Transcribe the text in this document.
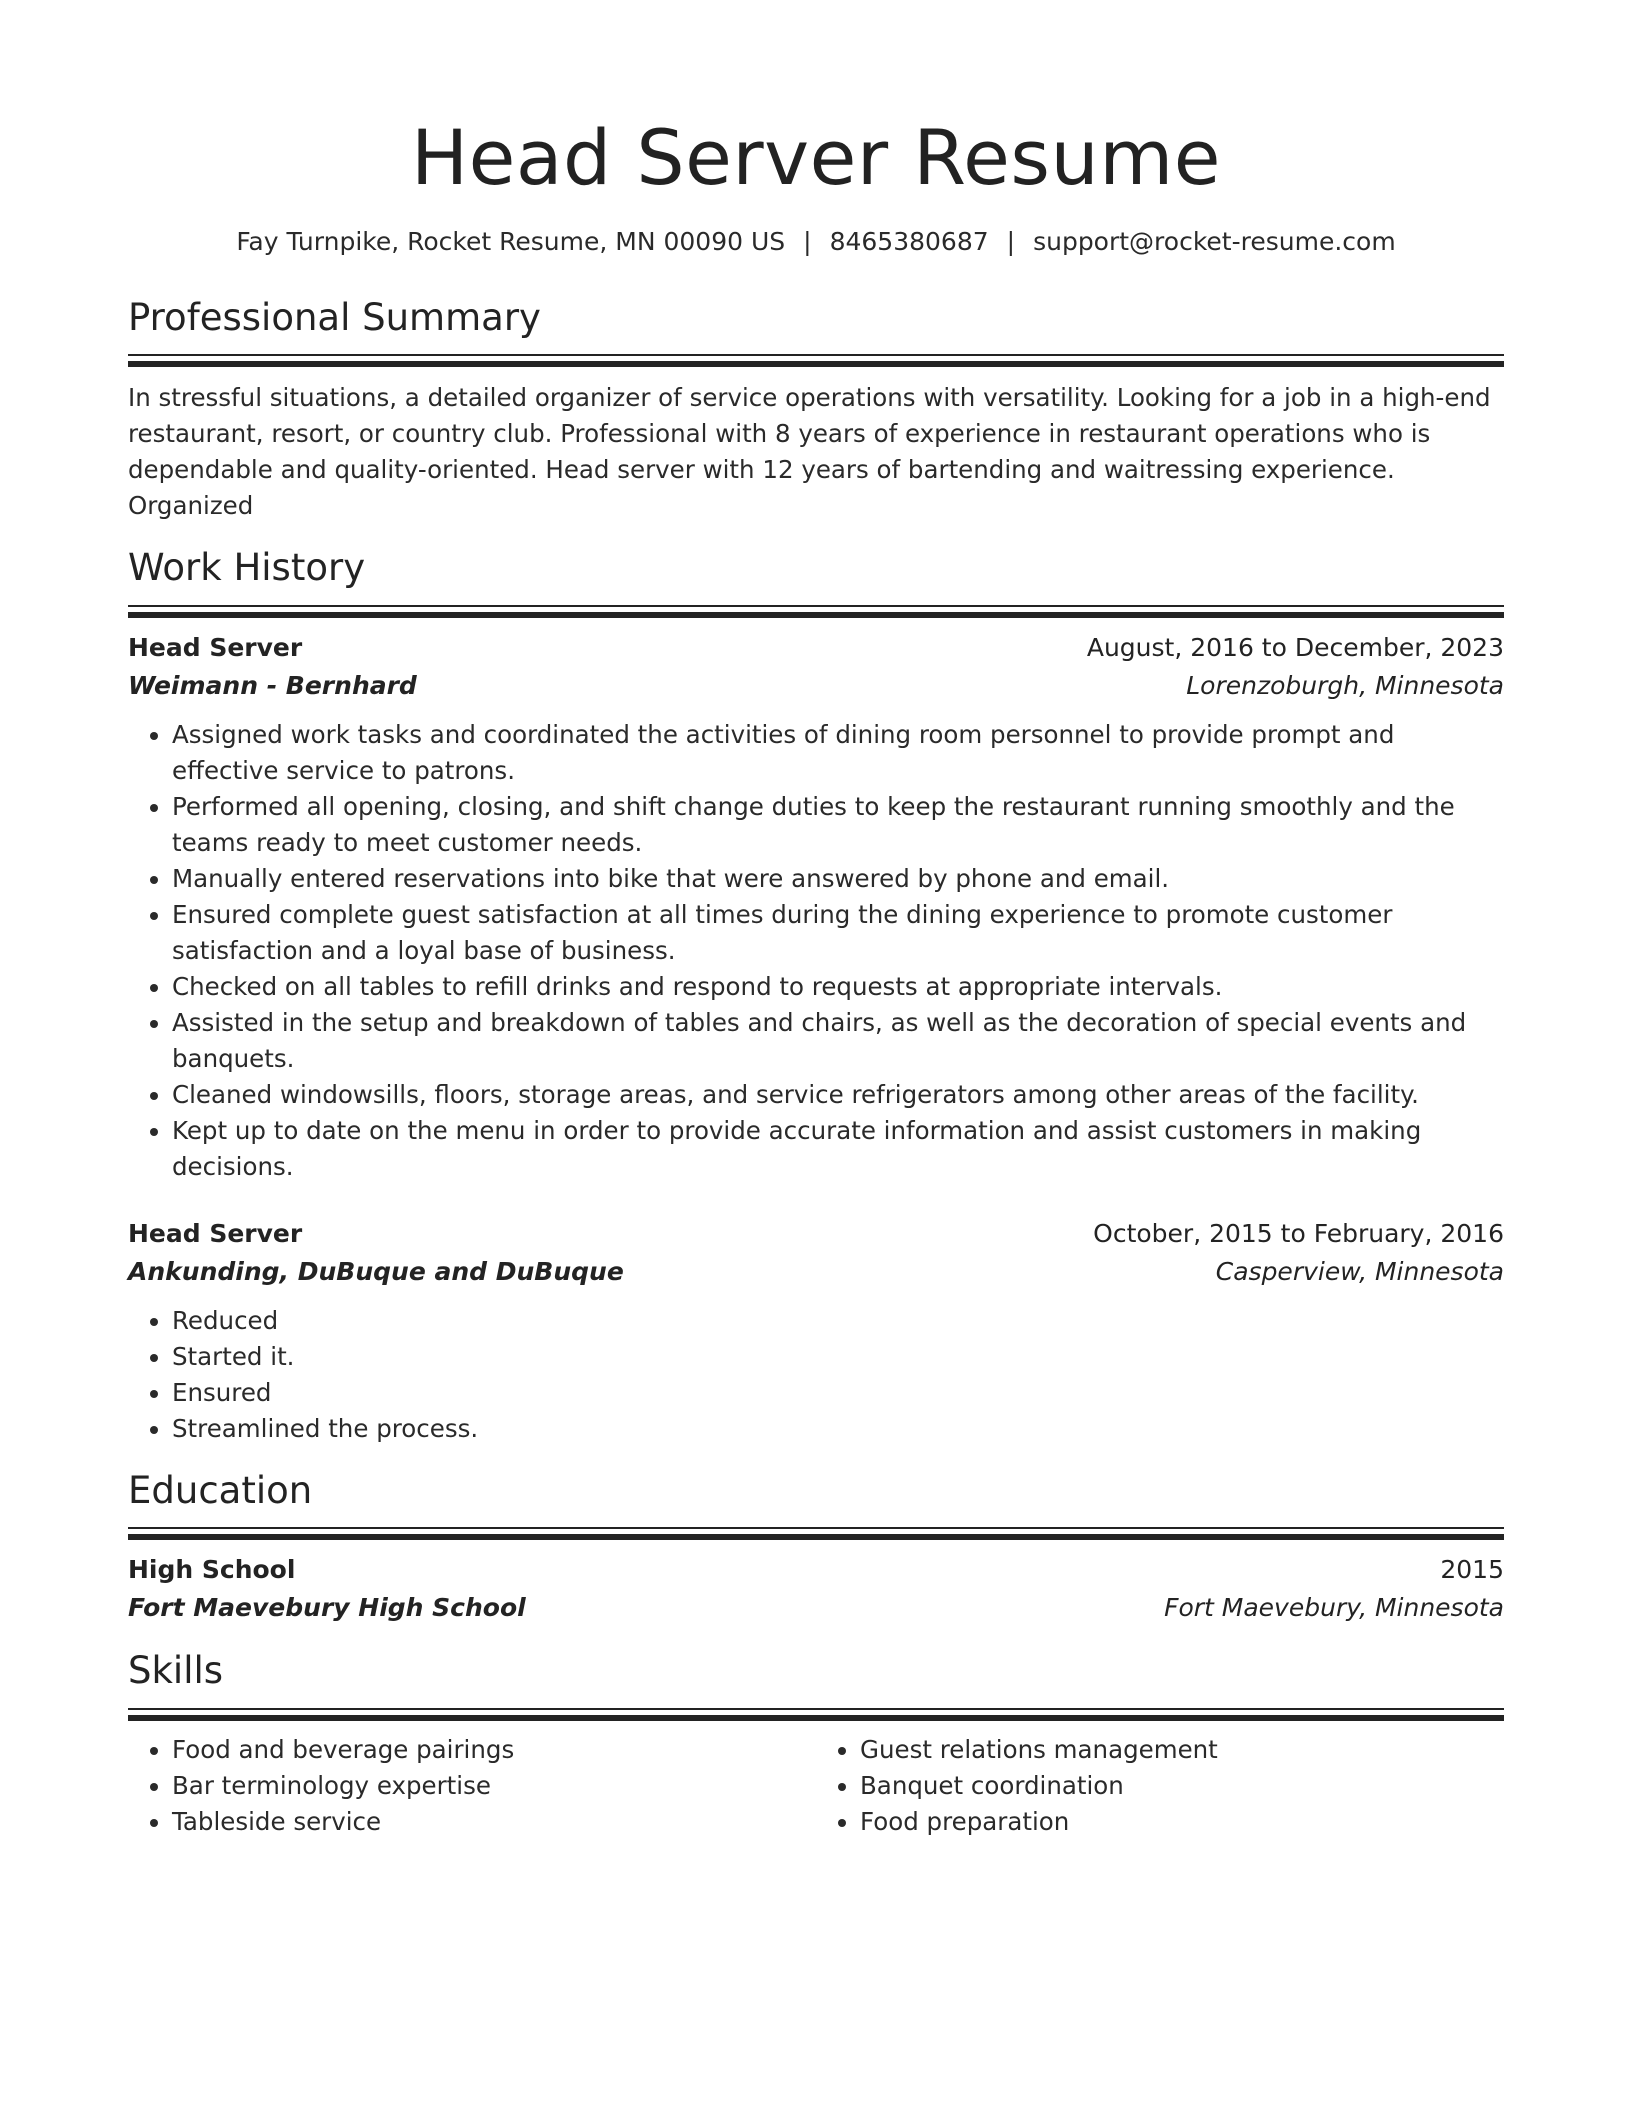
Head Server Resume
Fay Turnpike, Rocket Resume, MN 00090 US | 8465380687 | support@rocket-resume.com
Professional Summary
In stressful situations, a detailed organizer of service operations with versatility. Looking for a job in a high-end restaurant, resort, or country club. Professional with 8 years of experience in restaurant operations who is dependable and quality-oriented. Head server with 12 years of bartending and waitressing experience. Organized
Work History
Head Server	August, 2016 to December, 2023
Weimann - Bernhard	Lorenzoburgh, Minnesota
• Assigned work tasks and coordinated the activities of dining room personnel to provide prompt and effective service to patrons.
• Performed all opening, closing, and shift change duties to keep the restaurant running smoothly and the teams ready to meet customer needs.
• Manually entered reservations into bike that were answered by phone and email.
• Ensured complete guest satisfaction at all times during the dining experience to promote customer satisfaction and a loyal base of business.
• Checked on all tables to refill drinks and respond to requests at appropriate intervals.
• Assisted in the setup and breakdown of tables and chairs, as well as the decoration of special events and banquets.
• Cleaned windowsills, floors, storage areas, and service refrigerators among other areas of the facility.
• Kept up to date on the menu in order to provide accurate information and assist customers in making decisions.
Head Server	October, 2015 to February, 2016
Ankunding, DuBuque and DuBuque	Casperview, Minnesota
• Reduced
• Started it.
• Ensured
• Streamlined the process.
Education
High School	2015
Fort Maevebury High School	Fort Maevebury, Minnesota
Skills
• Food and beverage pairings
• Bar terminology expertise
• Tableside service
• Guest relations management
• Banquet coordination
• Food preparation
